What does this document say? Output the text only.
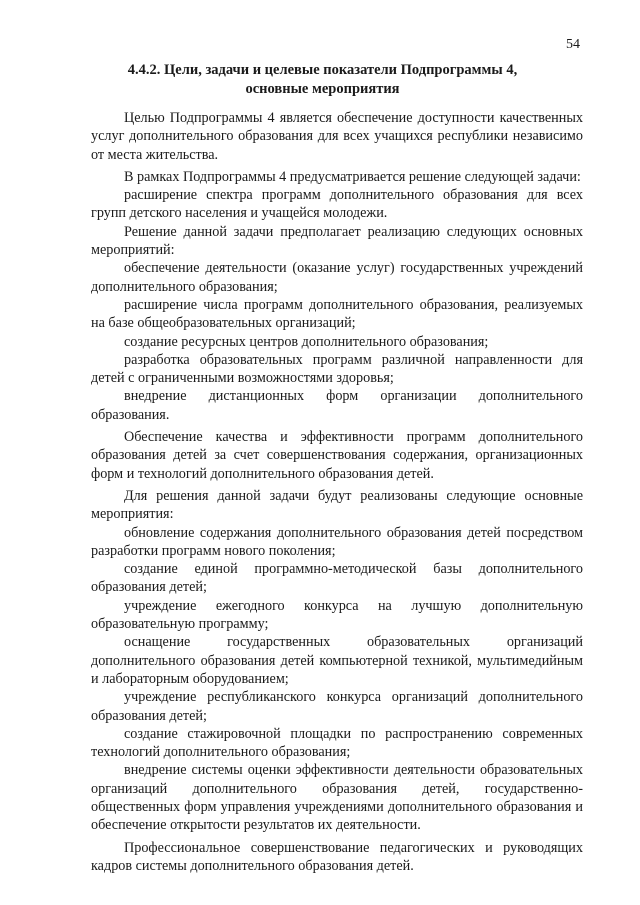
54
4.4.2. Цели, задачи и целевые показатели Подпрограммы 4,
основные мероприятия

Целью Подпрограммы 4 является обеспечение доступности качественных услуг дополнительного образования для всех учащихся республики независимо от места жительства.

В рамках Подпрограммы 4 предусматривается решение следующей задачи:

расширение спектра программ дополнительного образования для всех групп детского населения и учащейся молодежи.

Решение данной задачи предполагает реализацию следующих основных мероприятий:

обеспечение деятельности (оказание услуг) государственных учреждений дополнительного образования;

расширение числа программ дополнительного образования, реализуемых на базе общеобразовательных организаций;

создание ресурсных центров дополнительного образования;

разработка образовательных программ различной направленности для детей с ограниченными возможностями здоровья;

внедрение дистанционных форм организации дополнительного образования.

Обеспечение качества и эффективности программ дополнительного образования детей за счет совершенствования содержания, организационных форм и технологий дополнительного образования детей.

Для решения данной задачи будут реализованы следующие основные мероприятия:

обновление содержания дополнительного образования детей посредством разработки программ нового поколения;

создание единой программно-методической базы дополнительного образования детей;

учреждение ежегодного конкурса на лучшую дополнительную образовательную программу;

оснащение государственных образовательных организаций дополнительного образования детей компьютерной техникой, мультимедийным и лабораторным оборудованием;

учреждение республиканского конкурса организаций дополнительного образования детей;

создание стажировочной площадки по распространению современных технологий дополнительного образования;

внедрение системы оценки эффективности деятельности образовательных организаций дополнительного образования детей, государственно-общественных форм управления учреждениями дополнительного образования и обеспечение открытости результатов их деятельности.

Профессиональное совершенствование педагогических и руководящих кадров системы дополнительного образования детей.
